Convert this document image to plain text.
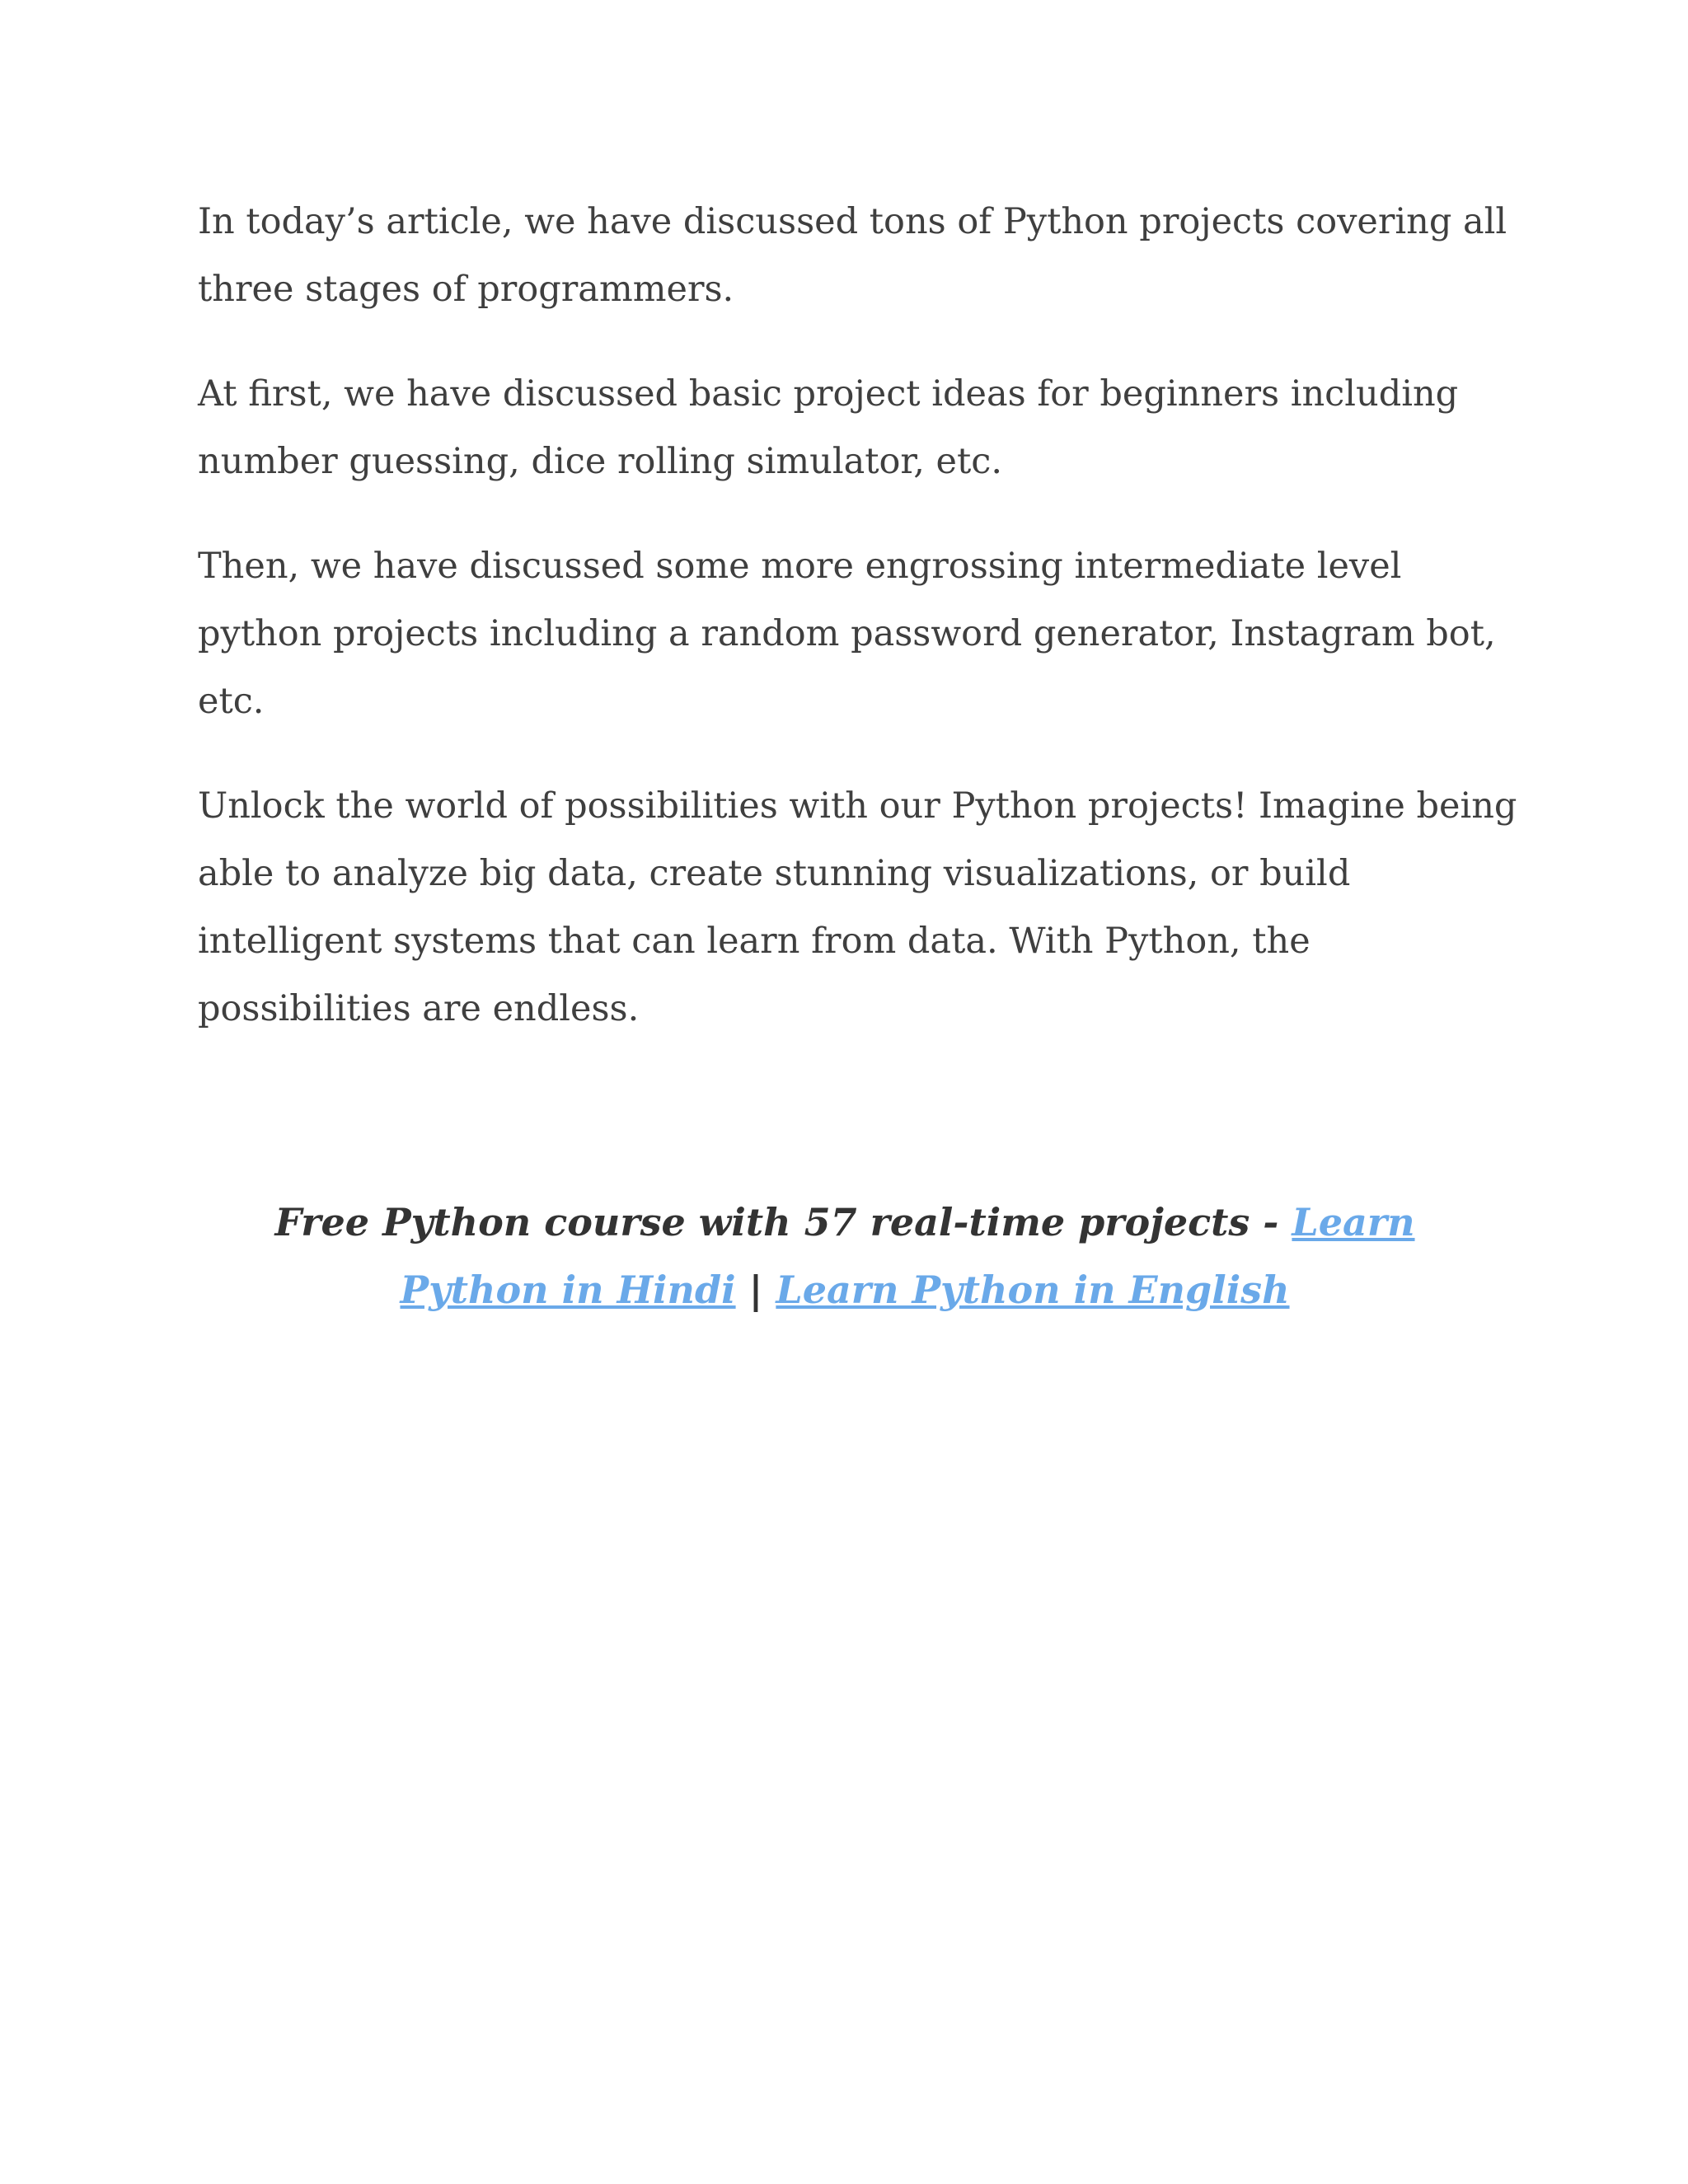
In today’s article, we have discussed tons of Python projects covering all three stages of programmers.

At first, we have discussed basic project ideas for beginners including number guessing, dice rolling simulator, etc.

Then, we have discussed some more engrossing intermediate level python projects including a random password generator, Instagram bot, etc.

Unlock the world of possibilities with our Python projects! Imagine being able to analyze big data, create stunning visualizations, or build intelligent systems that can learn from data. With Python, the possibilities are endless.

Free Python course with 57 real-time projects - Learn Python in Hindi | Learn Python in English
